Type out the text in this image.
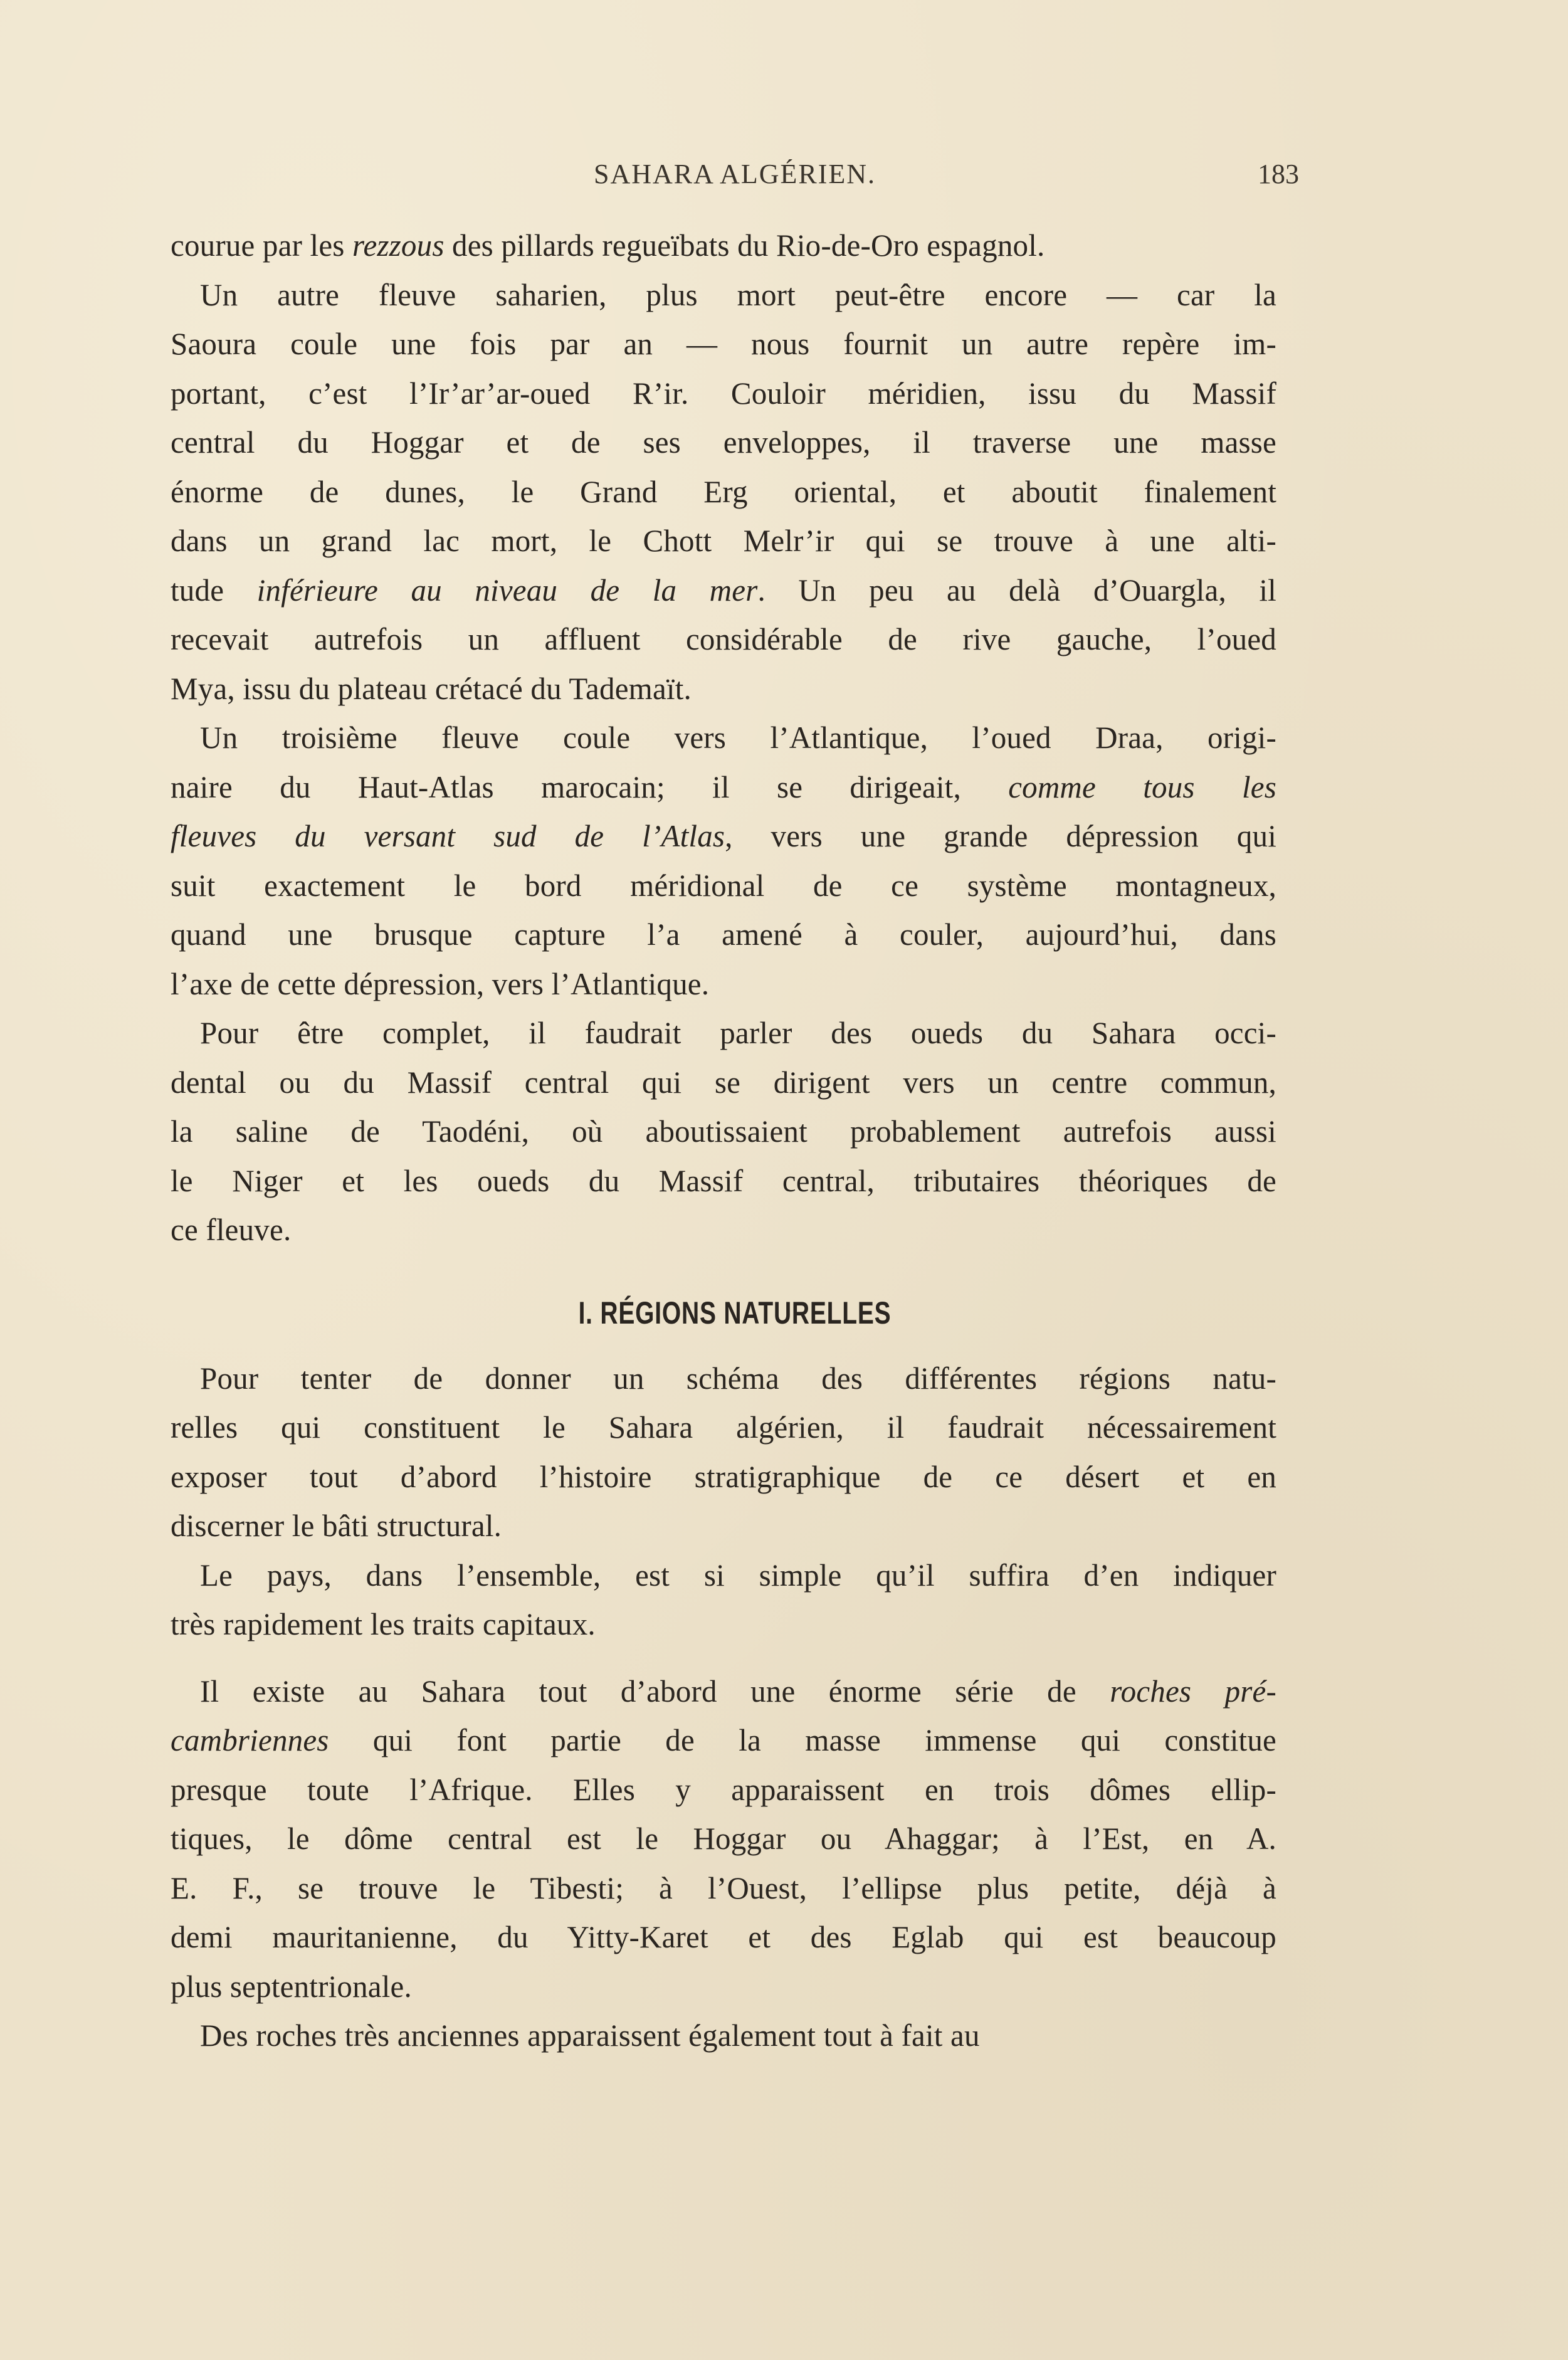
SAHARA ALGÉRIEN.	183
courue par les rezzous des pillards regueïbats du Rio-de-Oro espagnol.
Un autre fleuve saharien, plus mort peut-être encore — car la
Saoura coule une fois par an — nous fournit un autre repère im-
portant, c’est l’Ir’ar’ar-oued R’ir. Couloir méridien, issu du Massif
central du Hoggar et de ses enveloppes, il traverse une masse
énorme de dunes, le Grand Erg oriental, et aboutit finalement
dans un grand lac mort, le Chott Melr’ir qui se trouve à une alti-
tude inférieure au niveau de la mer. Un peu au delà d’Ouargla, il
recevait autrefois un affluent considérable de rive gauche, l’oued
Mya, issu du plateau crétacé du Tademaït.
Un troisième fleuve coule vers l’Atlantique, l’oued Draa, origi-
naire du Haut-Atlas marocain; il se dirigeait, comme tous les
fleuves du versant sud de l’Atlas, vers une grande dépression qui
suit exactement le bord méridional de ce système montagneux,
quand une brusque capture l’a amené à couler, aujourd’hui, dans
l’axe de cette dépression, vers l’Atlantique.
Pour être complet, il faudrait parler des oueds du Sahara occi-
dental ou du Massif central qui se dirigent vers un centre commun,
la saline de Taodéni, où aboutissaient probablement autrefois aussi
le Niger et les oueds du Massif central, tributaires théoriques de
ce fleuve.
I. RÉGIONS NATURELLES
Pour tenter de donner un schéma des différentes régions natu-
relles qui constituent le Sahara algérien, il faudrait nécessairement
exposer tout d’abord l’histoire stratigraphique de ce désert et en
discerner le bâti structural.
Le pays, dans l’ensemble, est si simple qu’il suffira d’en indiquer
très rapidement les traits capitaux.
Il existe au Sahara tout d’abord une énorme série de roches pré-
cambriennes qui font partie de la masse immense qui constitue
presque toute l’Afrique. Elles y apparaissent en trois dômes ellip-
tiques, le dôme central est le Hoggar ou Ahaggar; à l’Est, en A.
E. F., se trouve le Tibesti; à l’Ouest, l’ellipse plus petite, déjà à
demi mauritanienne, du Yitty-Karet et des Eglab qui est beaucoup
plus septentrionale.
Des roches très anciennes apparaissent également tout à fait au
